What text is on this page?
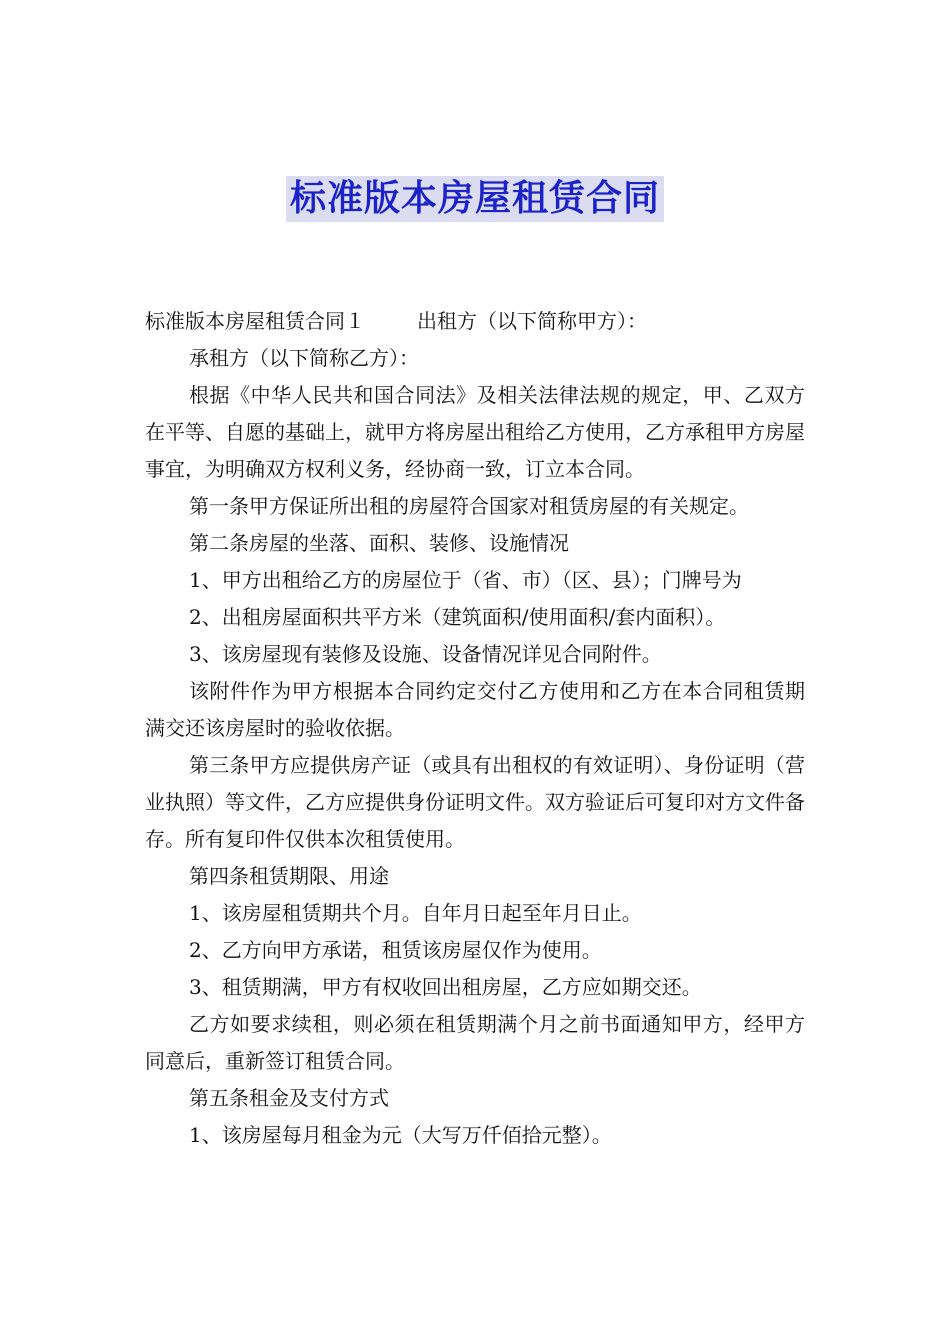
标准版本房屋租赁合同

标准版本房屋租赁合同１	出租方（以下简称甲方）：

承租方（以下简称乙方）：

根据《中华人民共和国合同法》及相关法律法规的规定，甲、乙双方在平等、自愿的基础上，就甲方将房屋出租给乙方使用，乙方承租甲方房屋事宜，为明确双方权利义务，经协商一致，订立本合同。

第一条甲方保证所出租的房屋符合国家对租赁房屋的有关规定。

第二条房屋的坐落、面积、装修、设施情况

1、甲方出租给乙方的房屋位于（省、市）（区、县）；门牌号为

2、出租房屋面积共平方米（建筑面积/使用面积/套内面积）。

3、该房屋现有装修及设施、设备情况详见合同附件。

该附件作为甲方根据本合同约定交付乙方使用和乙方在本合同租赁期满交还该房屋时的验收依据。

第三条甲方应提供房产证（或具有出租权的有效证明）、身份证明（营业执照）等文件，乙方应提供身份证明文件。双方验证后可复印对方文件备存。所有复印件仅供本次租赁使用。

第四条租赁期限、用途

1、该房屋租赁期共个月。自年月日起至年月日止。

2、乙方向甲方承诺，租赁该房屋仅作为使用。

3、租赁期满，甲方有权收回出租房屋，乙方应如期交还。

乙方如要求续租，则必须在租赁期满个月之前书面通知甲方，经甲方同意后，重新签订租赁合同。

第五条租金及支付方式

1、该房屋每月租金为元（大写万仟佰拾元整）。
